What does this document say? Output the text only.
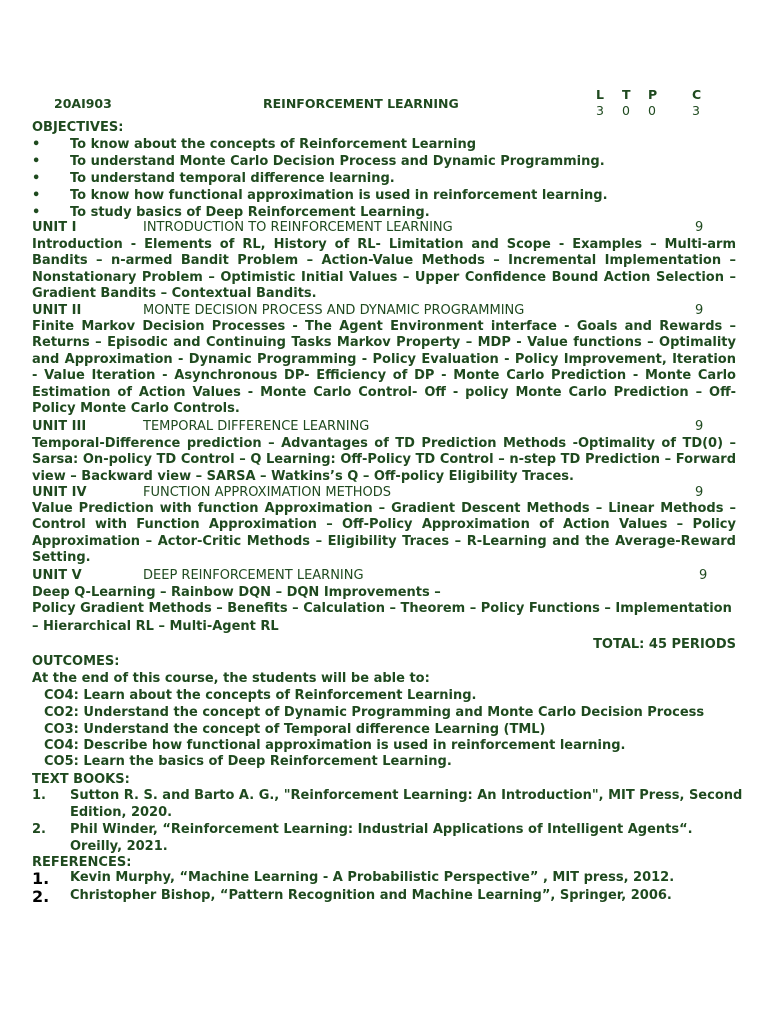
20AI903	REINFORCEMENT LEARNING
L T P	C
3 0 0	3
OBJECTIVES:
• To know about the concepts of Reinforcement Learning
• To understand Monte Carlo Decision Process and Dynamic Programming.
• To understand temporal difference learning.
• To know how functional approximation is used in reinforcement learning.
• To study basics of Deep Reinforcement Learning.
UNIT I	INTRODUCTION TO REINFORCEMENT LEARNING	9
Introduction - Elements of RL, History of RL- Limitation and Scope - Examples – Multi-arm Bandits – n-armed Bandit Problem – Action-Value Methods – Incremental Implementation – Nonstationary Problem – Optimistic Initial Values – Upper Confidence Bound Action Selection – Gradient Bandits – Contextual Bandits.
UNIT II	MONTE DECISION PROCESS AND DYNAMIC PROGRAMMING	9
Finite Markov Decision Processes - The Agent Environment interface - Goals and Rewards – Returns – Episodic and Continuing Tasks Markov Property – MDP - Value functions – Optimality and Approximation - Dynamic Programming - Policy Evaluation - Policy Improvement, Iteration - Value Iteration - Asynchronous DP- Efficiency of DP - Monte Carlo Prediction - Monte Carlo Estimation of Action Values - Monte Carlo Control- Off - policy Monte Carlo Prediction – Off-Policy Monte Carlo Controls.
UNIT III	TEMPORAL DIFFERENCE LEARNING	9
Temporal-Difference prediction – Advantages of TD Prediction Methods -Optimality of TD(0) – Sarsa: On-policy TD Control – Q Learning: Off-Policy TD Control – n-step TD Prediction – Forward view – Backward view – SARSA – Watkins’s Q – Off-policy Eligibility Traces.
UNIT IV	FUNCTION APPROXIMATION METHODS	9
Value Prediction with function Approximation – Gradient Descent Methods – Linear Methods – Control with Function Approximation – Off-Policy Approximation of Action Values – Policy Approximation – Actor-Critic Methods – Eligibility Traces – R-Learning and the Average-Reward Setting.
UNIT V	DEEP REINFORCEMENT LEARNING	9
Deep Q-Learning – Rainbow DQN – DQN Improvements –
Policy Gradient Methods – Benefits – Calculation – Theorem – Policy Functions – Implementation
– Hierarchical RL – Multi-Agent RL
TOTAL: 45 PERIODS
OUTCOMES:
At the end of this course, the students will be able to:
CO4: Learn about the concepts of Reinforcement Learning.
CO2: Understand the concept of Dynamic Programming and Monte Carlo Decision Process
CO3: Understand the concept of Temporal difference Learning (TML)
CO4: Describe how functional approximation is used in reinforcement learning.
CO5: Learn the basics of Deep Reinforcement Learning.
TEXT BOOKS:
1. Sutton R. S. and Barto A. G., "Reinforcement Learning: An Introduction", MIT Press, Second
Edition, 2020.
2. Phil Winder, “Reinforcement Learning: Industrial Applications of Intelligent Agents“.
Oreilly, 2021.
REFERENCES:
1. Kevin Murphy, “Machine Learning - A Probabilistic Perspective” , MIT press, 2012.
2. Christopher Bishop, “Pattern Recognition and Machine Learning”, Springer, 2006.
